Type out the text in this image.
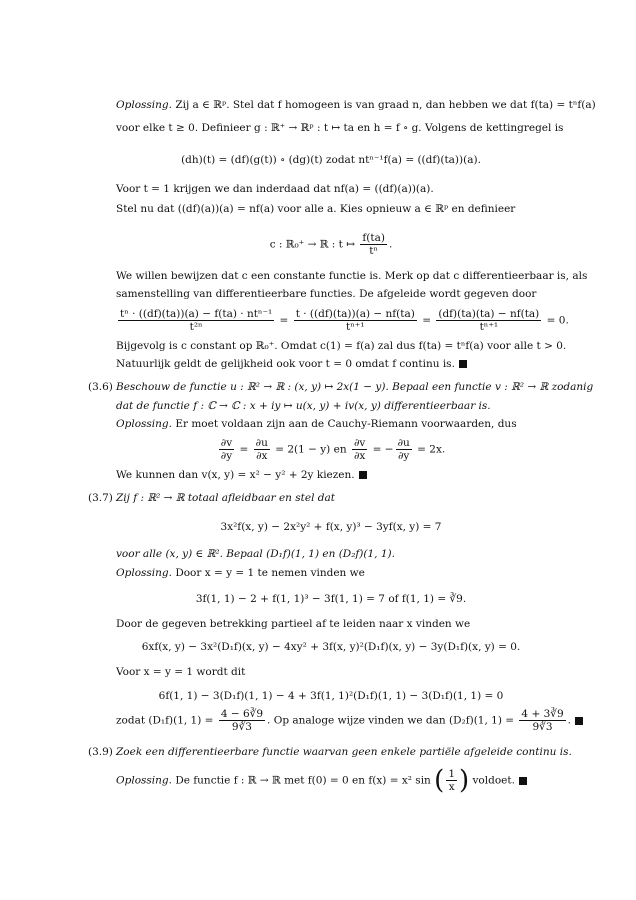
Oplossing. Zij a ∈ ℝᵖ. Stel dat f homogeen is van graad n, dan hebben we dat f(ta) = tⁿf(a)
voor elke t ≥ 0. Definieer g : ℝ⁺ → ℝᵖ : t ↦ ta en h = f ∘ g. Volgens de kettingregel is
(dh)(t) = (df)(g(t)) ∘ (dg)(t) zodat ntⁿ⁻¹f(a) = ((df)(ta))(a).
Voor t = 1 krijgen we dan inderdaad dat nf(a) = ((df)(a))(a).
Stel nu dat ((df)(a))(a) = nf(a) voor alle a. Kies opnieuw a ∈ ℝᵖ en definieer
c : ℝ₀⁺ → ℝ : t ↦ $\frac{f(ta)}{\text{tⁿ}}$ .
We willen bewijzen dat c een constante functie is. Merk op dat c differentieerbaar is, als
samenstelling van differentieerbare functies. De afgeleide wordt gegeven door
$\frac{\text{tⁿ · ((df)(ta))(a) − f(ta) · ntⁿ⁻¹}}{\text{t²ⁿ}} = \frac{t \cdot ((df)(ta))(a) - nf(ta)}{\text{tⁿ⁺¹}} = \frac{(df)(ta)(ta) - nf(ta)}{\text{tⁿ⁺¹}} = 0$.
Bijgevolg is c constant op ℝ₀⁺. Omdat c(1) = f(a) zal dus f(ta) = tⁿf(a) voor alle t > 0.
Natuurlijk geldt de gelijkheid ook voor t = 0 omdat f continu is.
(3.6) Beschouw de functie u : ℝ² → ℝ : (x, y) ↦ 2x(1 − y). Bepaal een functie v : ℝ² → ℝ zodanig
dat de functie f : ℂ → ℂ : x + iy ↦ u(x, y) + iv(x, y) differentieerbaar is.
Oplossing. Er moet voldaan zijn aan de Cauchy-Riemann voorwaarden, dus
$\frac{\partial v}{\partial y} = \frac{\partial u}{\partial x} = 2(1 - y)$ en $\frac{\partial v}{\partial x}$ = − $\frac{\partial u}{\partial y} = 2x$.
We kunnen dan v(x, y) = x² − y² + 2y kiezen.
(3.7) Zij f : ℝ² → ℝ totaal afleidbaar en stel dat
3x²f(x, y) − 2x²y² + f(x, y)³ − 3yf(x, y) = 7
voor alle (x, y) ∈ ℝ². Bepaal (D₁f)(1, 1) en (D₂f)(1, 1).
Oplossing. Door x = y = 1 te nemen vinden we
3f(1, 1) − 2 + f(1, 1)³ − 3f(1, 1) = 7 of f(1, 1) = ∛9.
Door de gegeven betrekking partieel af te leiden naar x vinden we
6xf(x, y) − 3x²(D₁f)(x, y) − 4xy² + 3f(x, y)²(D₁f)(x, y) − 3y(D₁f)(x, y) = 0.
Voor x = y = 1 wordt dit
6f(1, 1) − 3(D₁f)(1, 1) − 4 + 3f(1, 1)²(D₁f)(1, 1) − 3(D₁f)(1, 1) = 0
zodat (D₁f)(1, $1) = \frac{4 - 6∛9}{9∛3}$ . Op analoge wijze vinden we dan (D₂f)(1, $1) = \frac{4 + 3∛9}{9∛3}$ .
(3.9) Zoek een differentieerbare functie waarvan geen enkele partiële afgeleide continu is.
Oplossing. De functie f : ℝ → ℝ met f(0) = 0 en f(x) = x² sin ( $\frac{1}{x}$ ) voldoet.
